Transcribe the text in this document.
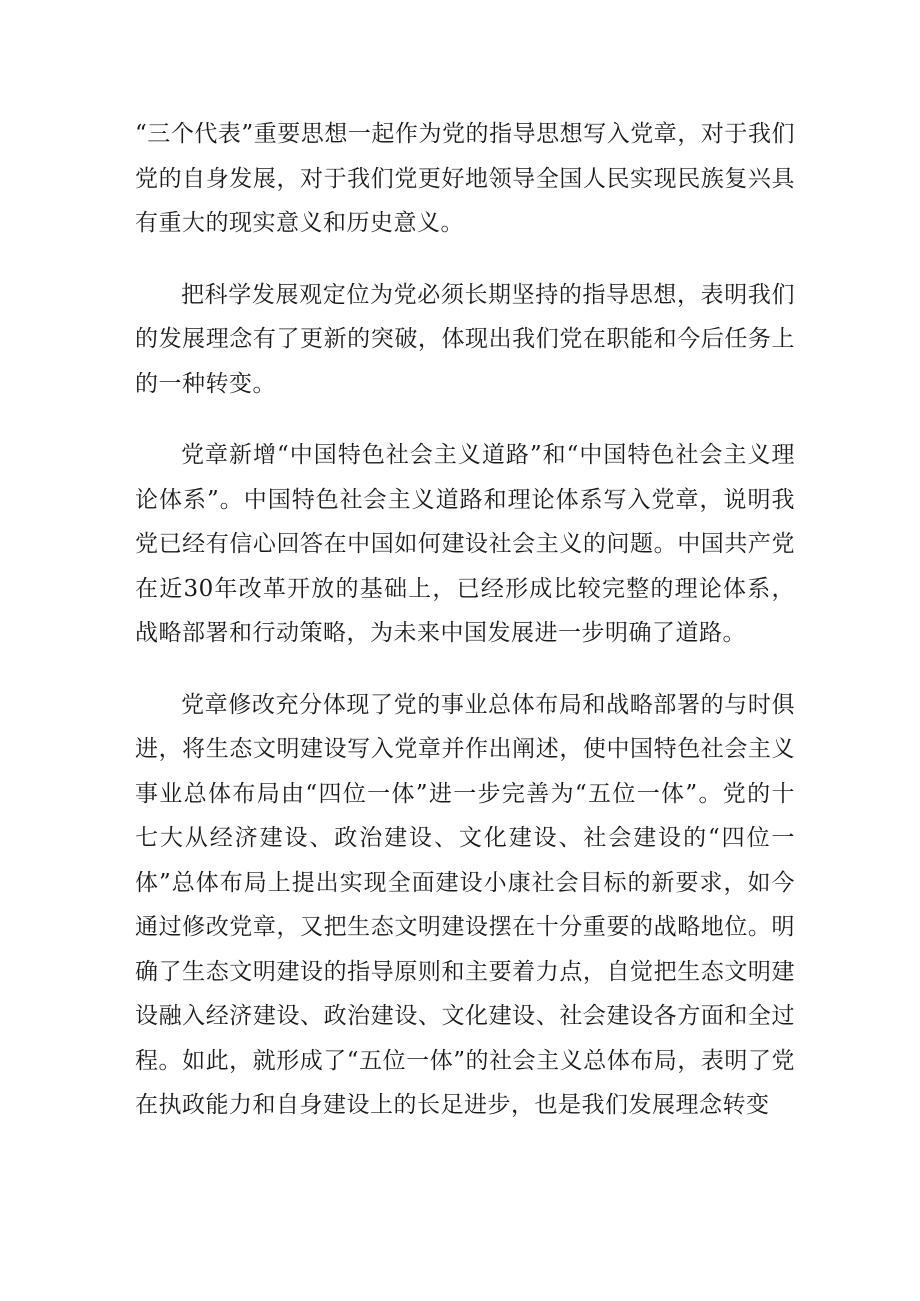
“三个代表”重要思想一起作为党的指导思想写入党章，对于我们党的自身发展，对于我们党更好地领导全国人民实现民族复兴具有重大的现实意义和历史意义。

把科学发展观定位为党必须长期坚持的指导思想，表明我们的发展理念有了更新的突破，体现出我们党在职能和今后任务上的一种转变。

党章新增“中国特色社会主义道路”和“中国特色社会主义理论体系”。中国特色社会主义道路和理论体系写入党章，说明我党已经有信心回答在中国如何建设社会主义的问题。中国共产党在近30年改革开放的基础上，已经形成比较完整的理论体系，战略部署和行动策略，为未来中国发展进一步明确了道路。

党章修改充分体现了党的事业总体布局和战略部署的与时俱进，将生态文明建设写入党章并作出阐述，使中国特色社会主义事业总体布局由“四位一体”进一步完善为“五位一体”。党的十七大从经济建设、政治建设、文化建设、社会建设的“四位一体”总体布局上提出实现全面建设小康社会目标的新要求，如今通过修改党章，又把生态文明建设摆在十分重要的战略地位。明确了生态文明建设的指导原则和主要着力点，自觉把生态文明建设融入经济建设、政治建设、文化建设、社会建设各方面和全过程。如此，就形成了“五位一体”的社会主义总体布局，表明了党在执政能力和自身建设上的长足进步，也是我们发展理念转变
